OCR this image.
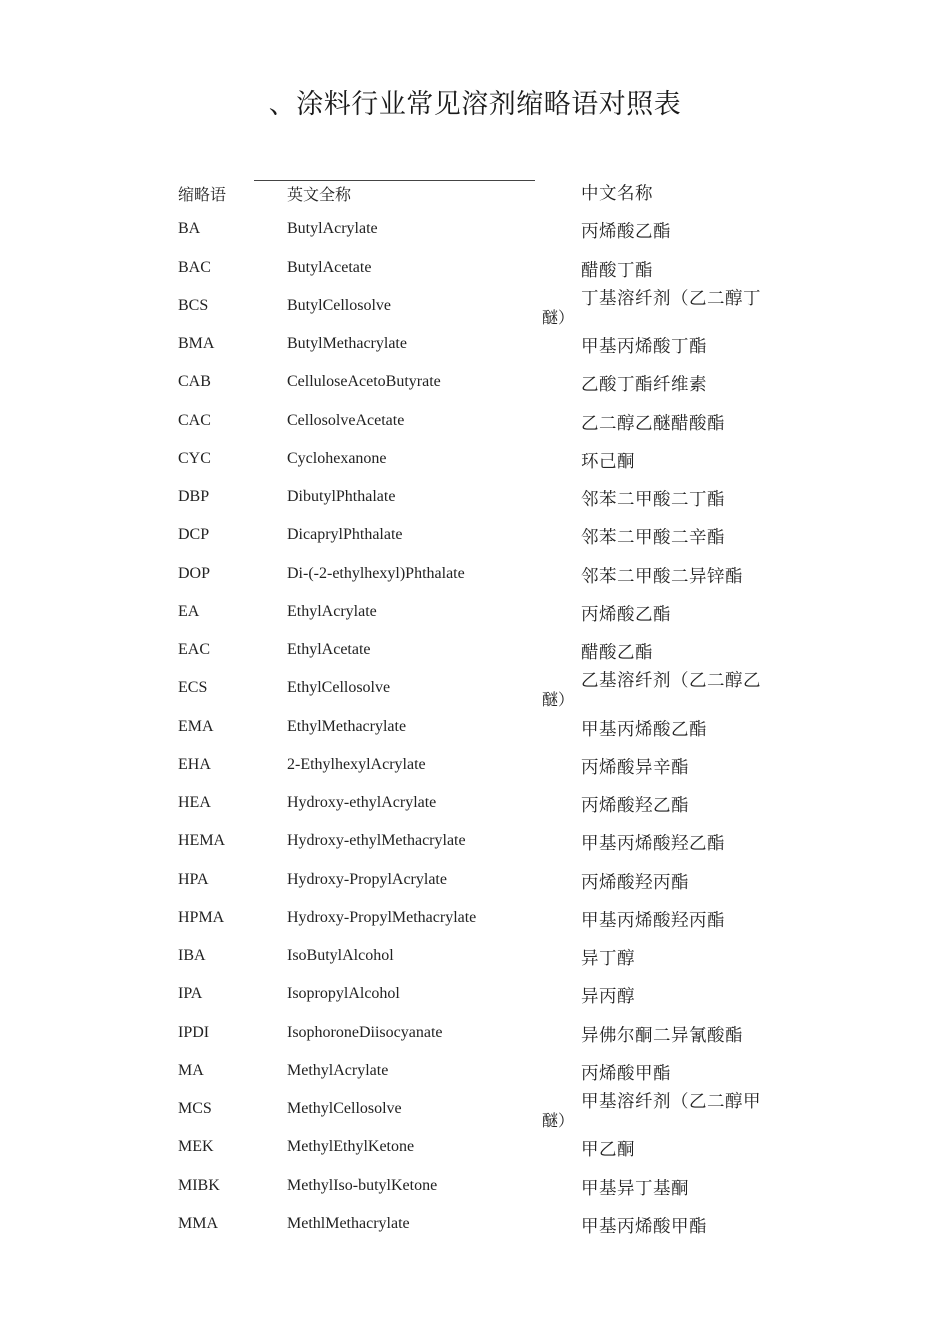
、涂料行业常见溶剂缩略语对照表
缩略语	英文全称	中文名称
BA	ButylAcrylate	丙烯酸乙酯
BAC	ButylAcetate	醋酸丁酯
BCS	ButylCellosolve	丁基溶纤剂（乙二醇丁
醚）
BMA	ButylMethacrylate	甲基丙烯酸丁酯
CAB	CelluloseAcetoButyrate	乙酸丁酯纤维素
CAC	CellosolveAcetate	乙二醇乙醚醋酸酯
CYC	Cyclohexanone	环己酮
DBP	DibutylPhthalate	邻苯二甲酸二丁酯
DCP	DicaprylPhthalate	邻苯二甲酸二辛酯
DOP	Di-(-2-ethylhexyl)Phthalate	邻苯二甲酸二异锌酯
EA	EthylAcrylate	丙烯酸乙酯
EAC	EthylAcetate	醋酸乙酯
ECS	EthylCellosolve	乙基溶纤剂（乙二醇乙
醚）
EMA	EthylMethacrylate	甲基丙烯酸乙酯
EHA	2-EthylhexylAcrylate	丙烯酸异辛酯
HEA	Hydroxy-ethylAcrylate	丙烯酸羟乙酯
HEMA	Hydroxy-ethylMethacrylate	甲基丙烯酸羟乙酯
HPA	Hydroxy-PropylAcrylate	丙烯酸羟丙酯
HPMA	Hydroxy-PropylMethacrylate	甲基丙烯酸羟丙酯
IBA	IsoButylAlcohol	异丁醇
IPA	IsopropylAlcohol	异丙醇
IPDI	IsophoroneDiisocyanate	异佛尔酮二异氰酸酯
MA	MethylAcrylate	丙烯酸甲酯
MCS	MethylCellosolve	甲基溶纤剂（乙二醇甲
醚）
MEK	MethylEthylKetone	甲乙酮
MIBK	MethylIso-butylKetone	甲基异丁基酮
MMA	MethlMethacrylate	甲基丙烯酸甲酯
